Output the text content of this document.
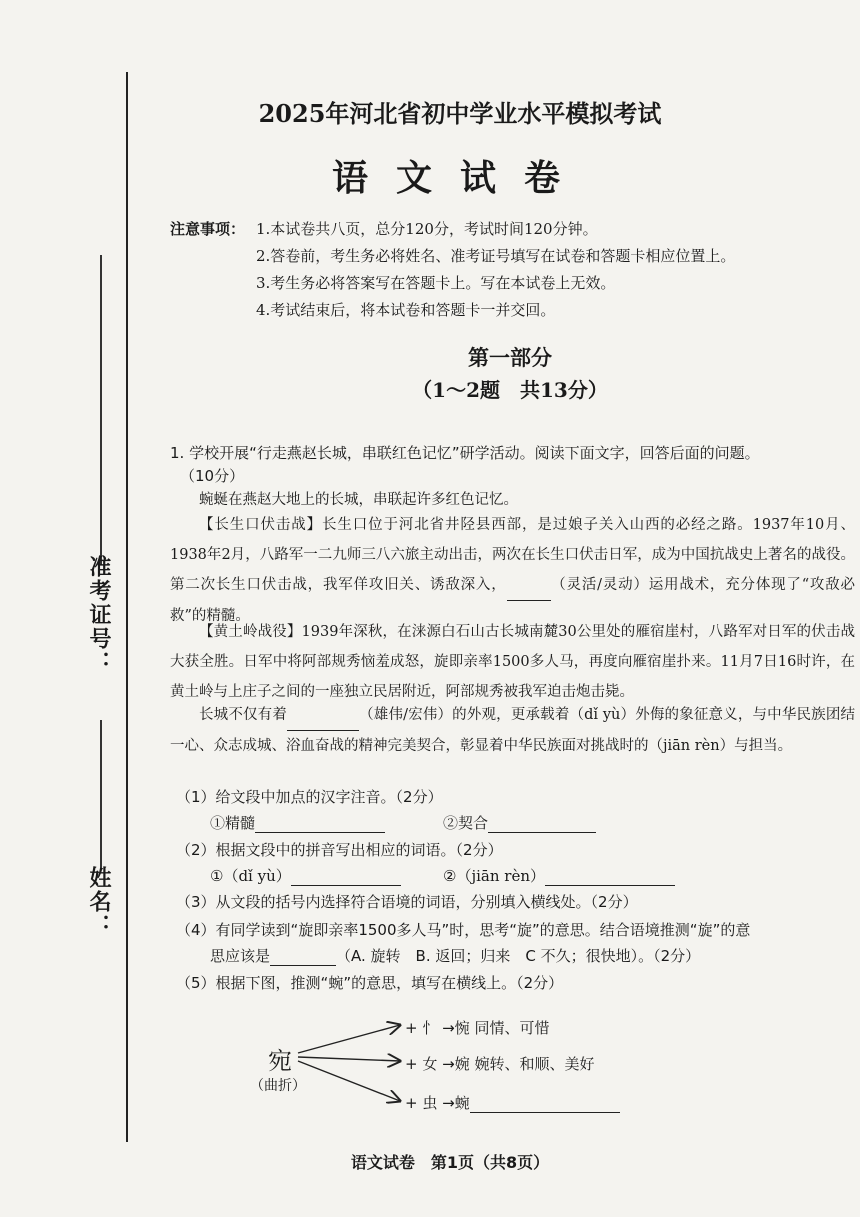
准考证号：
姓名：
2025年河北省初中学业水平模拟考试
语文试卷
注意事项： 1.本试卷共八页，总分120分，考试时间120分钟。
2.答卷前，考生务必将姓名、准考证号填写在试卷和答题卡相应位置上。
3.考生务必将答案写在答题卡上。写在本试卷上无效。
4.考试结束后，将本试卷和答题卡一并交回。
第一部分
（1～2题　共13分）
1. 学校开展“行走燕赵长城，串联红色记忆”研学活动。阅读下面文字，回答后面的问题。
（10分）
蜿蜒在燕赵大地上的长城，串联起许多红色记忆。
【长生口伏击战】长生口位于河北省井陉县西部，是过娘子关入山西的必经之路。1937年10月、1938年2月，八路军一二九师三八六旅主动出击，两次在长生口伏击日军，成为中国抗战史上著名的战役。第二次长生口伏击战，我军佯攻旧关、诱敌深入，	（灵活/灵动）运用战术，充分体现了“攻敌必救”的精髓。
【黄土岭战役】1939年深秋，在涞源白石山古长城南麓30公里处的雁宿崖村，八路军对日军的伏击战大获全胜。日军中将阿部规秀恼羞成怒，旋即亲率1500多人马，再度向雁宿崖扑来。11月7日16时许，在黄土岭与上庄子之间的一座独立民居附近，阿部规秀被我军迫击炮击毙。
长城不仅有着	（雄伟/宏伟）的外观，更承载着（dǐ yù）外侮的象征意义，与中华民族团结一心、众志成城、浴血奋战的精神完美契合，彰显着中华民族面对挑战时的（jiān rèn）与担当。
（1）给文段中加点的汉字注音。（2分）
①精髓	②契合
（2）根据文段中的拼音写出相应的词语。（2分）
①（dǐ yù）	②（jiān rèn）
（3）从文段的括号内选择符合语境的词语，分别填入横线处。（2分）
（4）有同学读到“旋即亲率1500多人马”时，思考“旋”的意思。结合语境推测“旋”的意
思应该是	（A. 旋转　B. 返回；归来　C 不久；很快地）。（2分）
（5）根据下图，推测“蜿”的意思，填写在横线上。（2分）
宛
（曲折）
+ 忄 →惋 同情、可惜
+ 女 →婉 婉转、和顺、美好
+ 虫 →蜿
语文试卷　第1页（共8页）
